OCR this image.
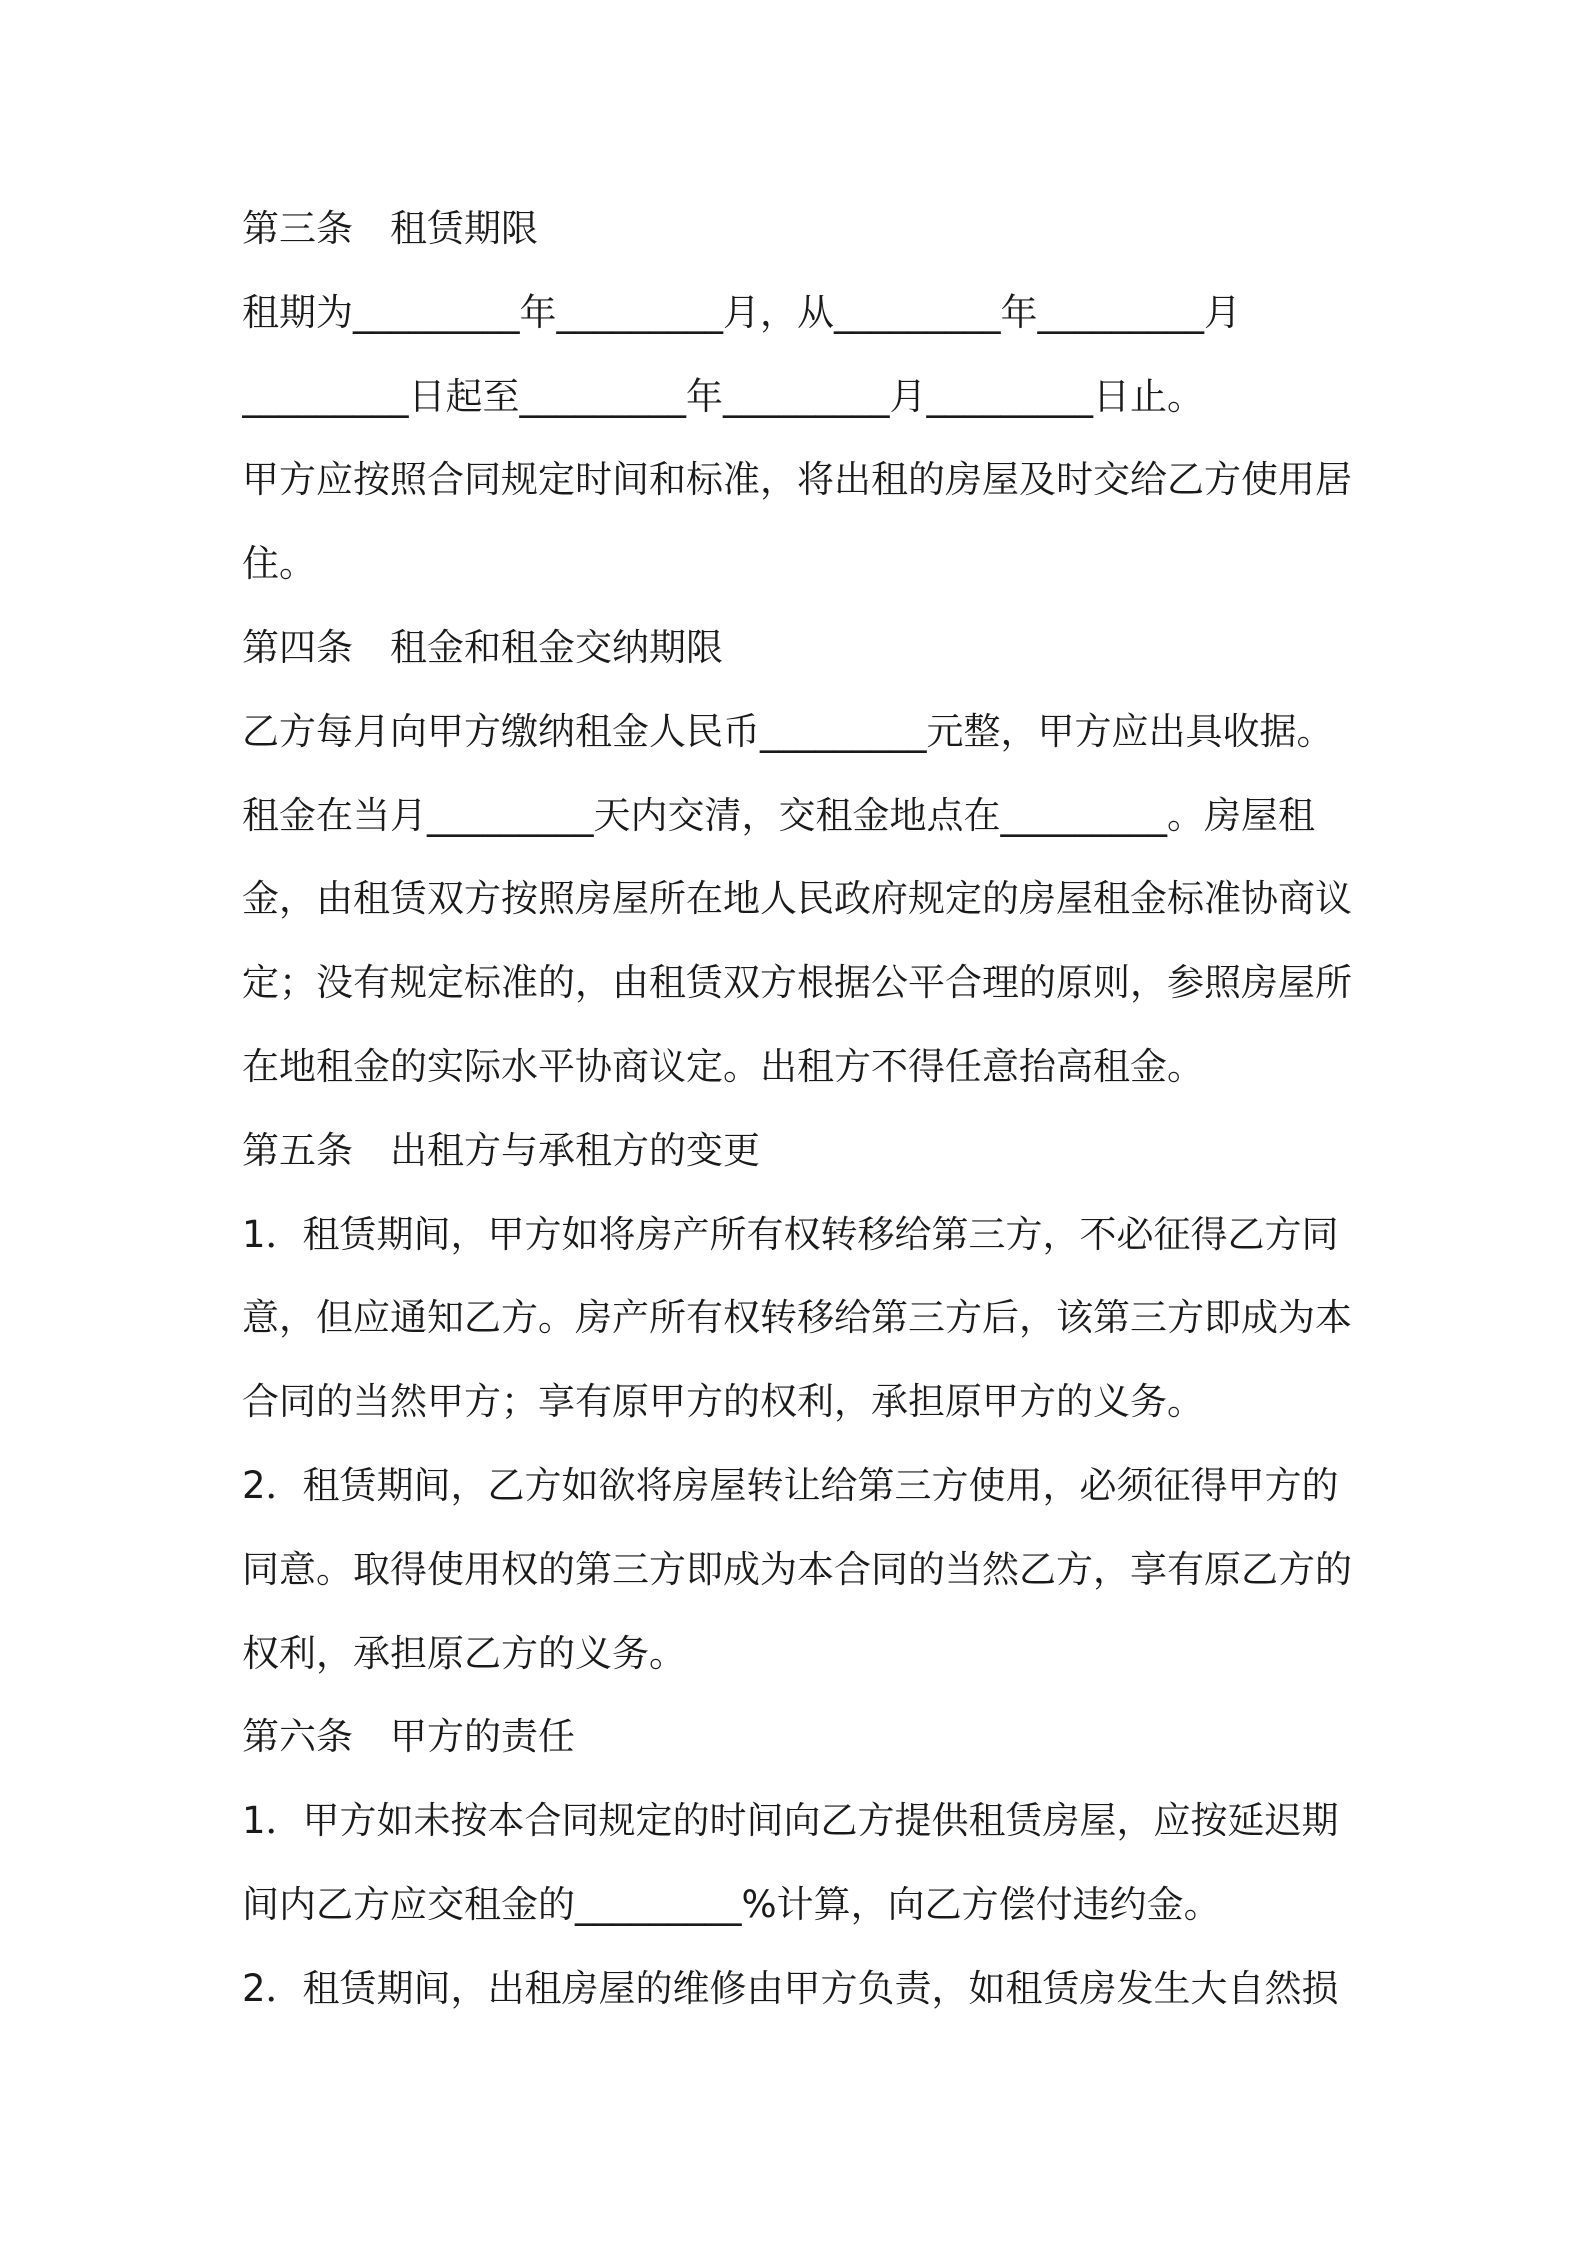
第三条　租赁期限
租期为_________年_________月，从_________年_________月
_________日起至_________年_________月_________日止。
甲方应按照合同规定时间和标准，将出租的房屋及时交给乙方使用居
住。
第四条　租金和租金交纳期限
乙方每月向甲方缴纳租金人民币_________元整，甲方应出具收据。
租金在当月_________天内交清，交租金地点在_________。房屋租
金，由租赁双方按照房屋所在地人民政府规定的房屋租金标准协商议
定；没有规定标准的，由租赁双方根据公平合理的原则，参照房屋所
在地租金的实际水平协商议定。出租方不得任意抬高租金。
第五条　出租方与承租方的变更
1．租赁期间，甲方如将房产所有权转移给第三方，不必征得乙方同
意，但应通知乙方。房产所有权转移给第三方后，该第三方即成为本
合同的当然甲方；享有原甲方的权利，承担原甲方的义务。
2．租赁期间，乙方如欲将房屋转让给第三方使用，必须征得甲方的
同意。取得使用权的第三方即成为本合同的当然乙方，享有原乙方的
权利，承担原乙方的义务。
第六条　甲方的责任
1．甲方如未按本合同规定的时间向乙方提供租赁房屋，应按延迟期
间内乙方应交租金的_________%计算，向乙方偿付违约金。
2．租赁期间，出租房屋的维修由甲方负责，如租赁房发生大自然损
